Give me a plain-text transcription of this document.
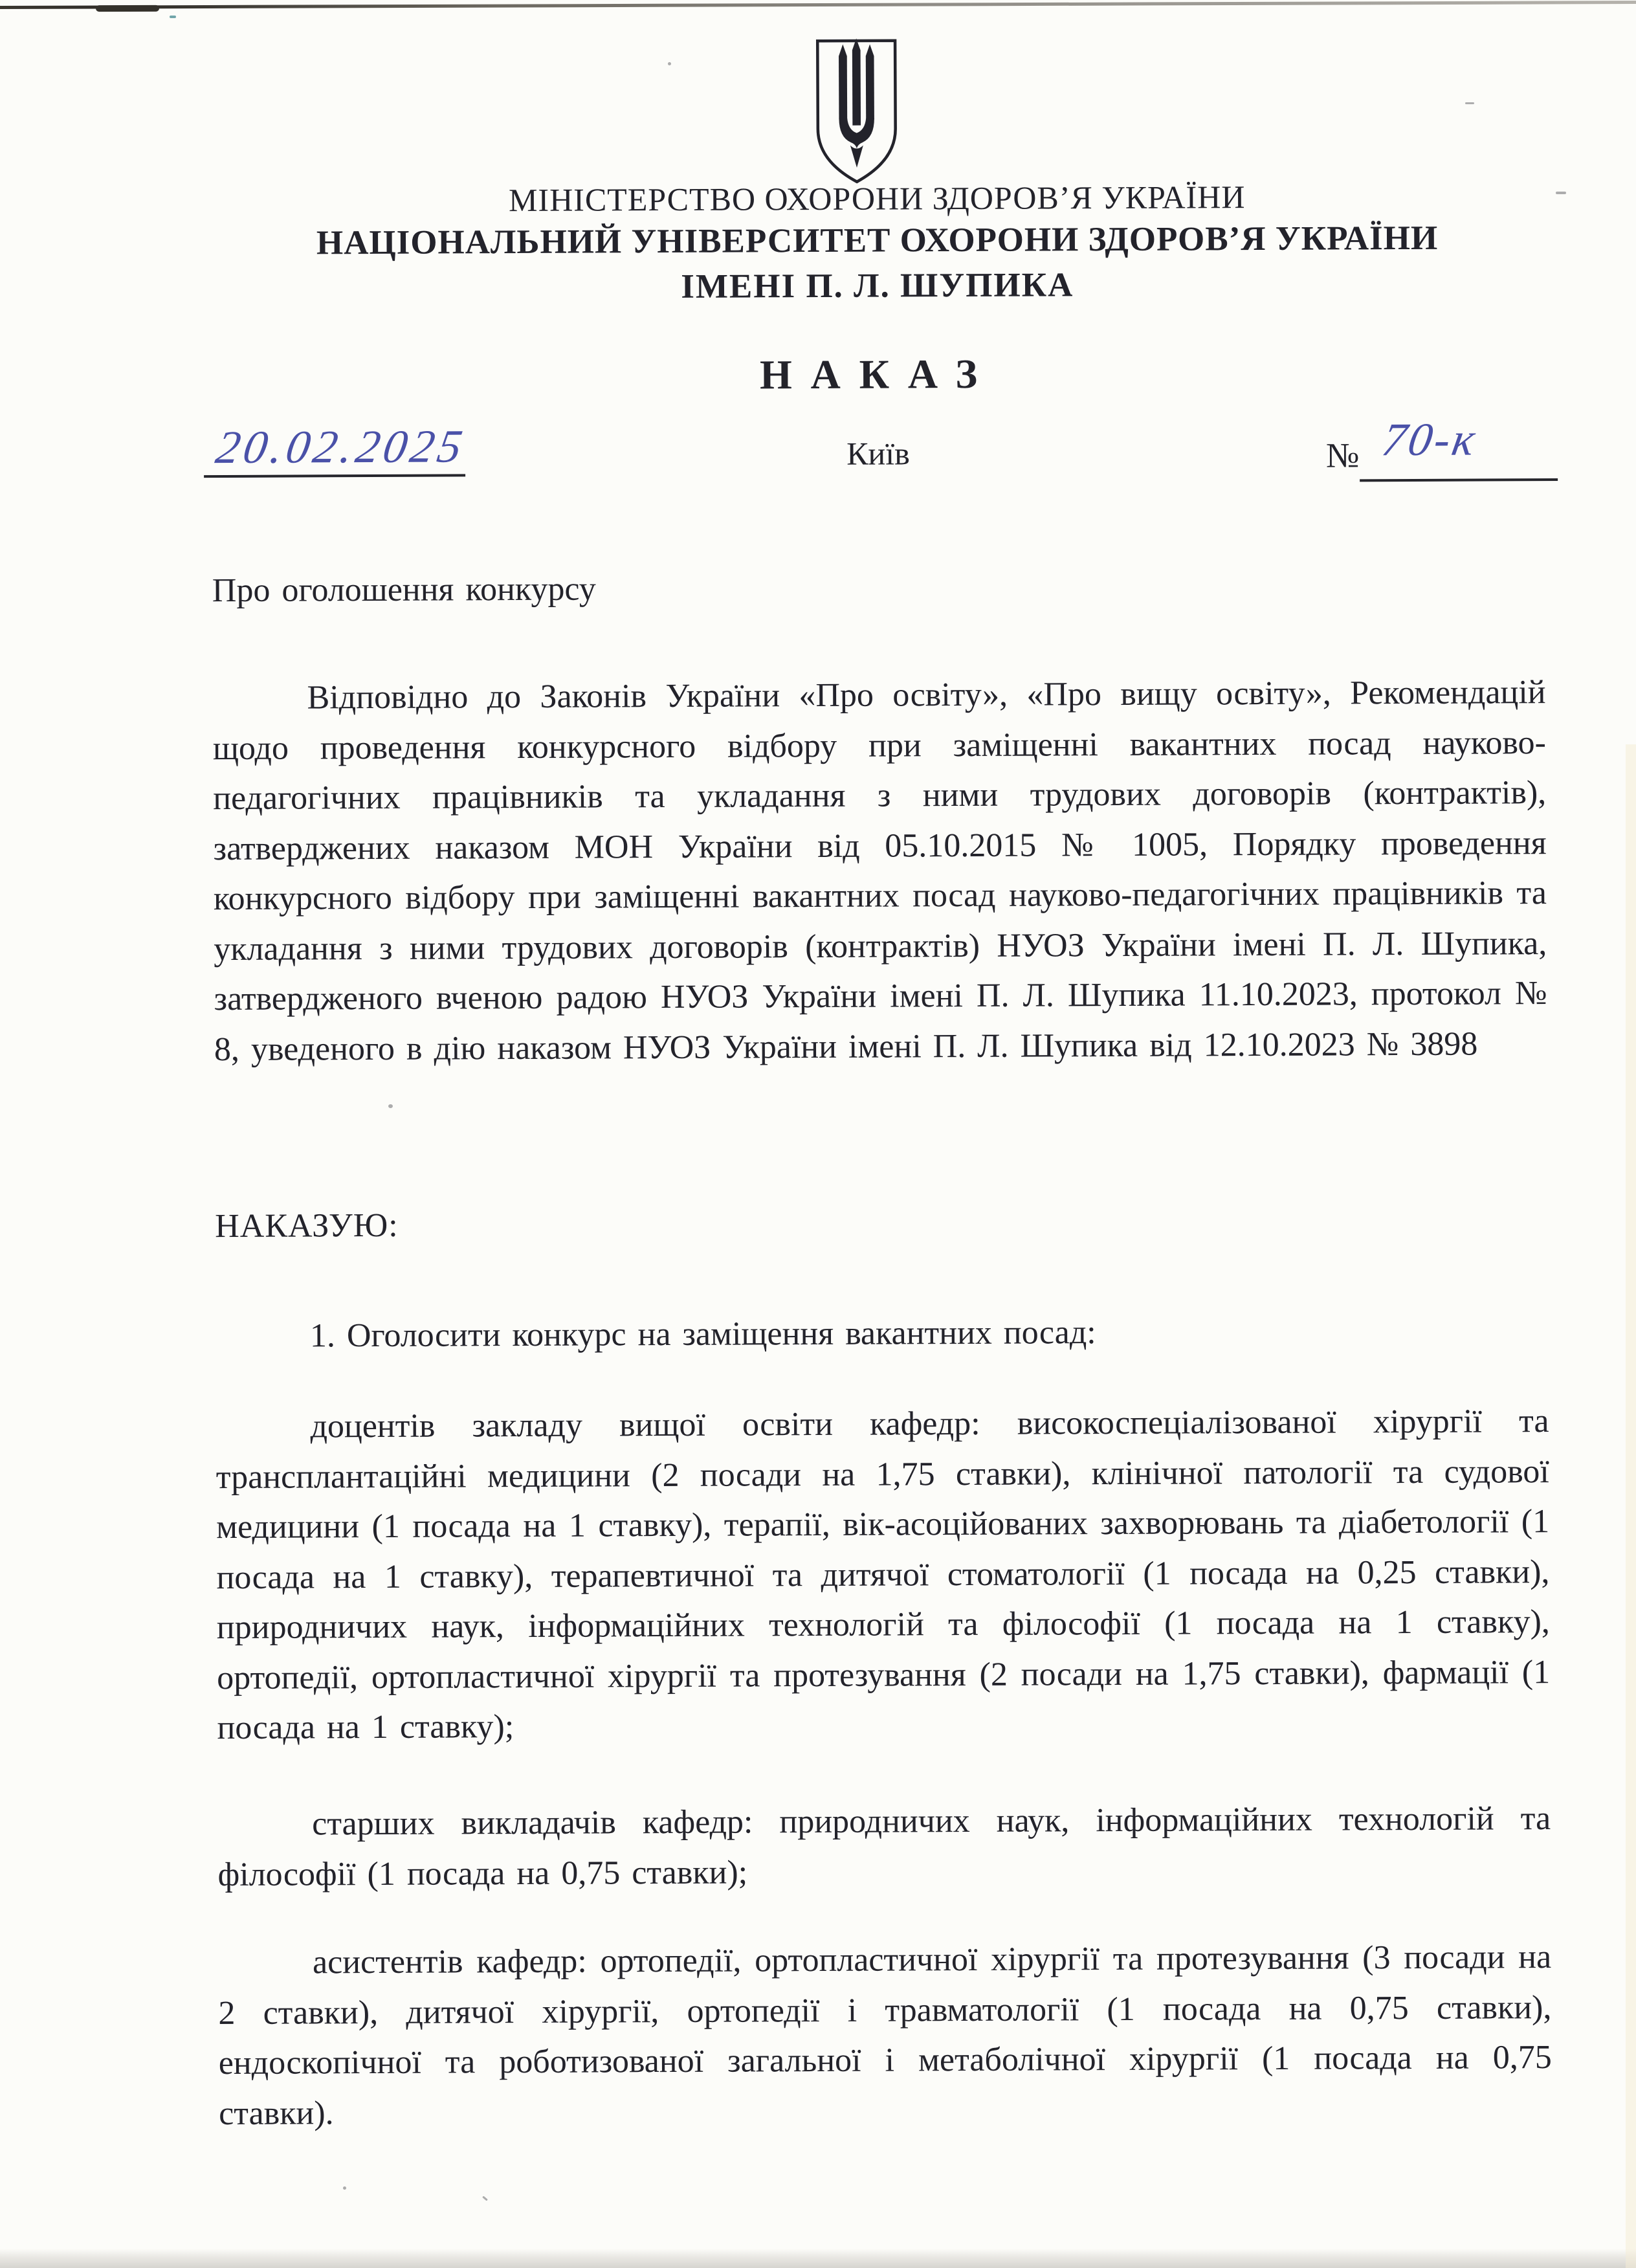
МІНІСТЕРСТВО ОХОРОНИ ЗДОРОВ’Я УКРАЇНИ
НАЦІОНАЛЬНИЙ УНІВЕРСИТЕТ ОХОРОНИ ЗДОРОВ’Я УКРАЇНИ
ІМЕНІ П. Л. ШУПИКА
НАКАЗ
20.02.2025	Київ	№ 70-к
Про оголошення конкурсу
Відповідно до Законів України «Про освіту», «Про вищу освіту», Рекомендацій щодо проведення конкурсного відбору при заміщенні вакантних посад науково-педагогічних працівників та укладання з ними трудових договорів (контрактів), затверджених наказом МОН України від 05.10.2015 № 1005, Порядку проведення конкурсного відбору при заміщенні вакантних посад науково-педагогічних працівників та укладання з ними трудових договорів (контрактів) НУОЗ України імені П. Л. Шупика, затвердженого вченою радою НУОЗ України імені П. Л. Шупика 11.10.2023, протокол № 8, уведеного в дію наказом НУОЗ України імені П. Л. Шупика від 12.10.2023 № 3898
НАКАЗУЮ:
1. Оголосити конкурс на заміщення вакантних посад:
доцентів закладу вищої освіти кафедр: високоспеціалізованої хірургії та трансплантаційні медицини (2 посади на 1,75 ставки), клінічної патології та судової медицини (1 посада на 1 ставку), терапії, вік-асоційованих захворювань та діабетології (1 посада на 1 ставку), терапевтичної та дитячої стоматології (1 посада на 0,25 ставки), природничих наук, інформаційних технологій та філософії (1 посада на 1 ставку), ортопедії, ортопластичної хірургії та протезування (2 посади на 1,75 ставки), фармації (1 посада на 1 ставку);
старших викладачів кафедр: природничих наук, інформаційних технологій та філософії (1 посада на 0,75 ставки);
асистентів кафедр: ортопедії, ортопластичної хірургії та протезування (3 посади на 2 ставки), дитячої хірургії, ортопедії і травматології (1 посада на 0,75 ставки), ендоскопічної та роботизованої загальної і метаболічної хірургії (1 посада на 0,75 ставки).
